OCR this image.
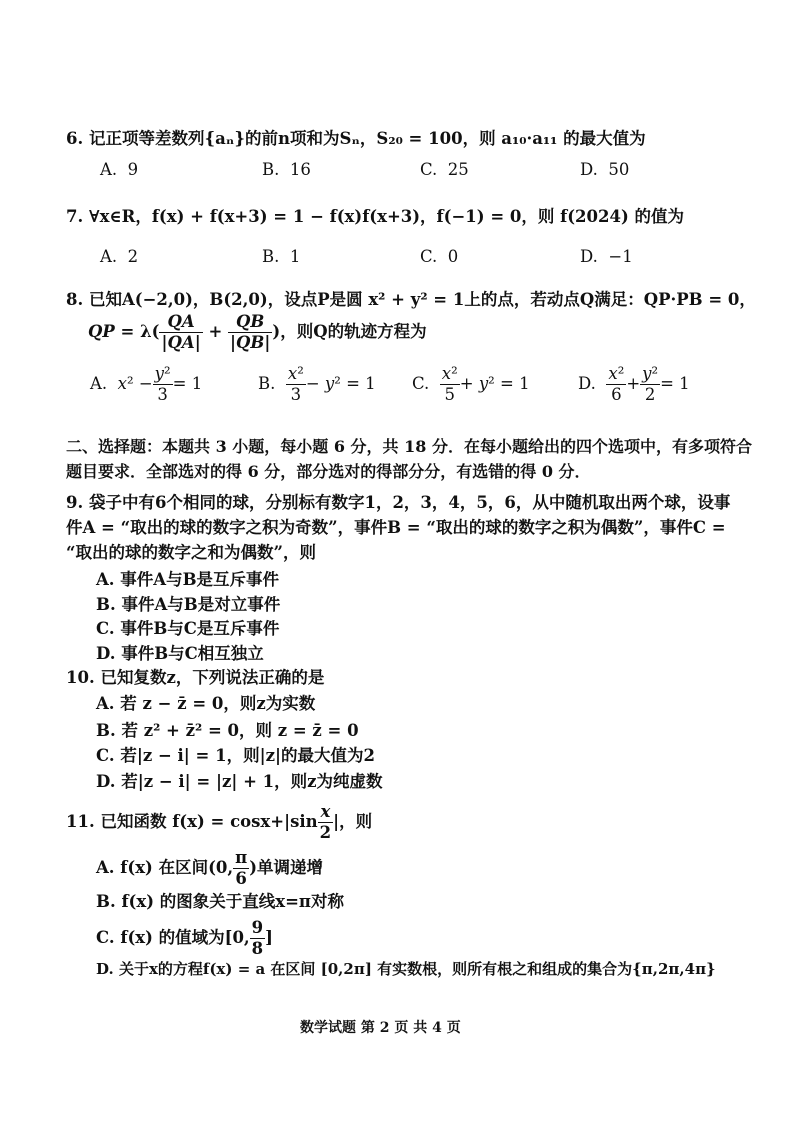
6. 记正项等差数列{aₙ}的前n项和为Sₙ，S₂₀ = 100，则 a₁₀·a₁₁ 的最大值为
A. 9	B. 16	C. 25	D. 50
7. ∀x∈R，f(x) + f(x+3) = 1 − f(x)f(x+3)，f(−1) = 0，则 f(2024) 的值为
A. 2	B. 1	C. 0	D. −1
8. 已知A(−2,0)，B(2,0)，设点P是圆 x² + y² = 1上的点，若动点Q满足：QP·PB = 0，
QP = $\lambda( \frac{QA}{|QA|} + \frac{QB}{|QB|}$ )，则Q的轨迹方程为
A. $x^2 - \frac{\text{y²}}{3} = 1$	B. $\frac{\text{x²}}{3} - y^2 = 1$ C. $\frac{\text{x²}}{5} + y^2 = 1$	D. $\frac{\text{x²}}{6} + \frac{\text{y²}}{2} = 1$
二、选择题：本题共 3 小题，每小题 6 分，共 18 分．在每小题给出的四个选项中，有多项符合题目要求．全部选对的得 6 分，部分选对的得部分分，有选错的得 0 分．
9. 袋子中有6个相同的球，分别标有数字1，2，3，4，5，6，从中随机取出两个球，设事件A = “取出的球的数字之积为奇数”，事件B = “取出的球的数字之积为偶数”，事件C = “取出的球的数字之和为偶数”，则
A. 事件A与B是互斥事件
B. 事件A与B是对立事件
C. 事件B与C是互斥事件
D. 事件B与C相互独立
10. 已知复数z，下列说法正确的是
A. 若 z − z̄ = 0，则z为实数
B. 若 z² + z̄² = 0，则 z = z̄ = 0
C. 若|z − i| = 1，则|z|的最大值为2
D. 若|z − i| = |z| + 1，则z为纯虚数
11. 已知函数 $f(x) = \cos x+|\sin \frac{x}{2}$ |，则
A. f(x) 在区间(0, $\frac{\pi}{6}$ )单调递增
B. f(x) 的图象关于直线x=π对称
C. f(x) 的值域为[0, $\frac{9}{8}$ ]
D. 关于x的方程f(x) = a 在区间 [0,2π] 有实数根，则所有根之和组成的集合为{π,2π,4π}
数学试题 第 2 页 共 4 页
